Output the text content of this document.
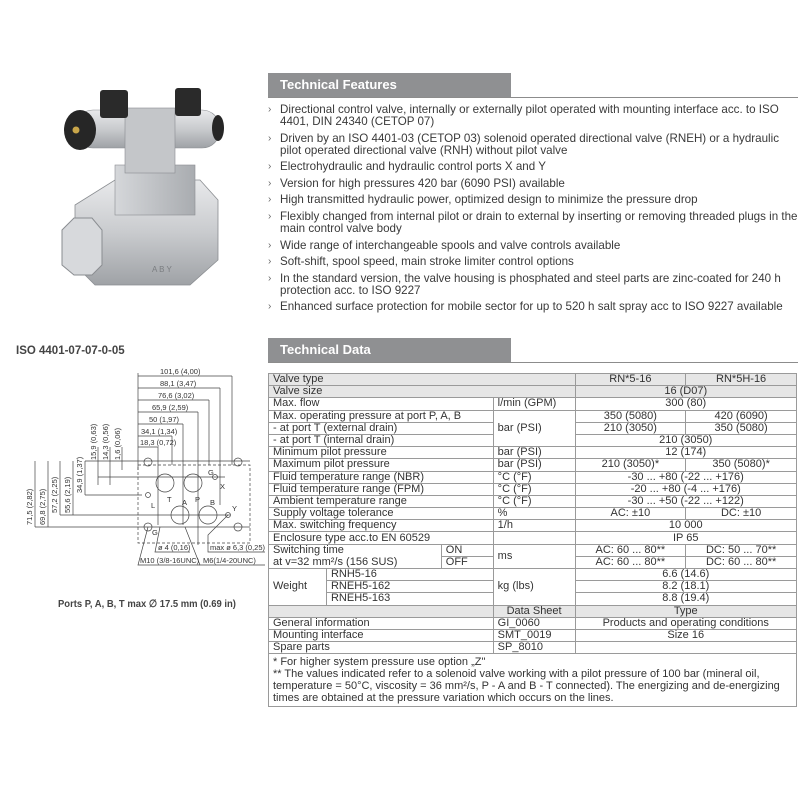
A B Y
Technical Features
› Directional control valve, internally or externally pilot operated with mounting interface acc. to ISO 4401, DIN 24340 (CETOP 07)
› Driven by an ISO 4401-03 (CETOP 03) solenoid operated directional valve (RNEH) or a hydraulic pilot operated directional valve (RNH) without pilot valve
› Electrohydraulic and hydraulic control ports X and Y
› Version for high pressures 420 bar (6090 PSI) available
› High transmitted hydraulic power, optimized design to minimize the pressure drop
› Flexibly changed from internal pilot or drain to external by inserting or removing threaded plugs in the main control valve body
› Wide range of interchangeable spools and valve controls available
› Soft-shift, spool speed, main stroke limiter control options
› In the standard version, the valve housing is phosphated and steel parts are zinc-coated for 240 h protection acc. to ISO 9227
› Enhanced surface protection for mobile sector for up to 520 h salt spray acc to ISO 9227 available
Technical Data
ISO 4401-07-07-0-05
101,6 (4,00)
88,1 (3,47)
76,6 (3,02)
65,9 (2,59)
50 (1,97)
34,1 (1,34)
18,3 (0,72)
15,9 (0,63) 14,3 (0,56) 1,6 (0,06)
71,5 (2,82) 69,8 (2,75) 57,2 (2,25) 55,6 (2,19)
34,9 (1,37)
T	P
A	B
L
G
G
X
Y
ø 4 (0,16)
M10 (3/8-16UNC)
max ø 6,3 (0,25)
M6(1/4-20UNC)
Ports P, A, B, T max ∅ 17.5 mm (0.69 in)
Valve type				RN*5-16	RN*5H-16
Valve size				16 (D07)	
Max. flow			l/min (GPM)	300 (80)	
Max. operating pressure at port P, A, B			bar (PSI)	350 (5080)	420 (6090)
- at port T (external drain)				210 (3050)	350 (5080)
- at port T (internal drain)				210 (3050)	
Minimum pilot pressure			bar (PSI)	12 (174)	
Maximum pilot pressure			bar (PSI)	210 (3050)*	350 (5080)*
Fluid temperature range (NBR)			°C (°F)	-30 ... +80 (-22 ... +176)	
Fluid temperature range (FPM)			°C (°F)	-20 ... +80 (-4 ... +176)	
Ambient temperature range			°C (°F)	-30 ... +50 (-22 ... +122)	
Supply voltage tolerance			%	AC: ±10	DC: ±10
Max. switching frequency			1/h	10 000	
Enclosure type acc.to EN 60529				IP 65	
Switching time		ON	ms	AC: 60 ... 80**	DC: 50 ... 70**
at v=32 mm²/s (156 SUS)		OFF		AC: 60 ... 80**	DC: 60 ... 80**
Weight	RNH5-16		kg (lbs)	6.6 (14.6)	
	RNEH5-162			8.2 (18.1)	
	RNEH5-163			8.8 (19.4)	
			Data Sheet	Type	
General information			GI_0060	Products and operating conditions	
Mounting interface			SMT_0019	Size 16	
Spare parts			SP_8010		

* For higher system pressure use option „Z"
** The values indicated refer to a solenoid valve working with a pilot pressure of 100 bar (mineral oil, temperature = 50°C, viscosity = 36 mm²/s, P - A and B - T connected). The energizing and de-energizing times are obtained at the pressure variation which occurs on the lines.					
